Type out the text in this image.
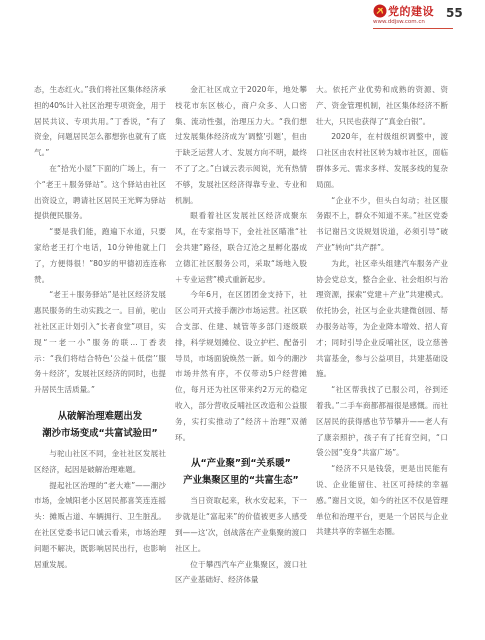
党的建设
www.ddjsw.com.cn
55

态，生态红火。”我们将社区集体经济承担的40%计入社区治理专项资金，用于居民共议、专项共用。”丁香说，“有了资金，问题居民怎么都想弥也就有了底气。”

在“拾光小屋”下面的广场上，有一个“老王＋服务驿站”。这个驿站由社区出资设立，聘请社区居民王光辉为驿站提供便民服务。

“要是我们能，跑遍下水道，只要家给老王打个电话，10分钟他就上门了，方便得很！”80岁的甲德初连连称赞。

“老王＋服务驿站”是社区经济发展惠民服务的生动实践之一。目前，驼山社社区正计划引入“长者食堂”项目，实现“一老一小”服务的联…丁香表示：“我们将结合特色‘公益＋低偿’‘服务＋经济’，发展社区经济的同时，也提升居民生活质量。”

从破解治理难题出发
潮沙市场变成“共富试验田”

与驼山社区不同，金社社区发展社区经济，起因是破解治理难题。

提起社区治理的“老大难”——潮沙市场，金城阳老小区居民都喜笑连连摇头：摊贩占道、车辆拥行、卫生脏乱。在社区党委书记口诚云看来，市场治理问题不解决，既影响居民出行，也影响居重发展。

金汇社区成立于2020年，地处攀枝花市东区核心，商户众多、人口密集、流动性强，治理压力大。“我们想过发展集体经济成为‘调整'引题’，但由于缺乏运营人才、发展方向不明，最终不了了之。”白诚云表示阅说，光有热情不够，发展社区经济得靠专业、专业和机制。

眼看着社区发展社区经济成聚东风，在专家指导下，金社社区瞄准“社会共建”路径，联合辽沧之星孵化器成立德汇社区服务公司，采取“场地入股＋专业运营”模式重新起步。

今年6月，在区团团金支持下，社区公司开式接手潮沙市场运营。社区联合支部、住建、城管等多部门逐级联排，科学规划摊位、设立护栏、配备引导员，市场面貌焕然一新。如今的潮沙市场井然有序，不仅带动5户经营摊位，每月还为社区带来约2万元的稳定收入，部分营收反哺社区改造和公益服务，实打实推动了“经济＋治理”双循环。

从“产业聚”到“关系暖”
产业集聚区里的“共富生态”

当日资取起来，秋水安起来，下一步就是让“富起来”的价值被更多人感受到——这‘次，创战落在产业集聚的渡口社区上。

位于攀西汽车产业集聚区，渡口社区产业基础好、经济体量

大。依托产业优势和成熟的资源、资产、资金管理机制，社区集体经济不断壮大，只民也获得了“真金白银”。

2020年，在村级组织调整中，渡口社区由农村社区转为城市社区，面临群体多元、需求多样、发展多线的复杂局面。

“企业不少，但头白勾动；社区服务跟不上，群众不知道不来。”社区党委书记谢吕文说规划说道，必须引导“破产业”转向“共产群”。

为此，社区牵头组建汽车服务产业协会党总支，整合企业、社会组织与治理资源，探索“党建＋产业”共建模式。依托协会，社区与企业共建微创园、帮办服务站等，为企业降本增效、招人育才；同时引导企业反哺社区，设立慈善共富基金，参与公益项目，共建基础设施。

“社区帮我找了已服公司，谷到还着我。”二手车商都都福很是感慨。而社区居民的获得感也节节攀升——老人有了康亲照护，孩子有了托育空间，“口袋公园”变身“共富广场”。

“经济不只是钱袋，更是出民能有说、企业能留住、社区可持续的幸福感。”谢吕文说，如今的社区不仅是管理单位和治理平台，更是一个居民与企业共建共享的幸福生态圈。
